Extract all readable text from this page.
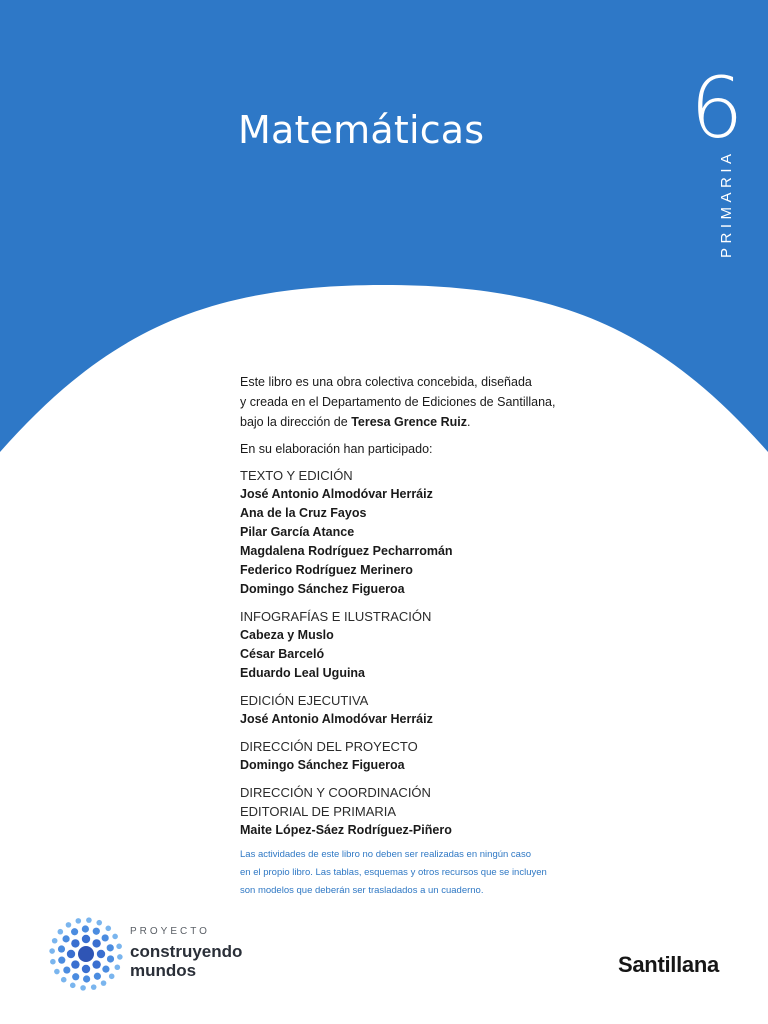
Matemáticas 6
PRIMARIA

Este libro es una obra colectiva concebida, diseñada
y creada en el Departamento de Ediciones de Santillana,
bajo la dirección de Teresa Grence Ruiz.

En su elaboración han participado:

TEXTO Y EDICIÓN
José Antonio Almodóvar Herráiz
Ana de la Cruz Fayos
Pilar García Atance
Magdalena Rodríguez Pecharromán
Federico Rodríguez Merinero
Domingo Sánchez Figueroa
INFOGRAFÍAS E ILUSTRACIÓN
Cabeza y Muslo
César Barceló
Eduardo Leal Uguina
EDICIÓN EJECUTIVA
José Antonio Almodóvar Herráiz
DIRECCIÓN DEL PROYECTO
Domingo Sánchez Figueroa
DIRECCIÓN Y COORDINACIÓN
EDITORIAL DE PRIMARIA
Maite López-Sáez Rodríguez-Piñero
Las actividades de este libro no deben ser realizadas en ningún caso
en el propio libro. Las tablas, esquemas y otros recursos que se incluyen
son modelos que deberán ser trasladados a un cuaderno.
PROYECTO
construyendo
mundos	Santillana
